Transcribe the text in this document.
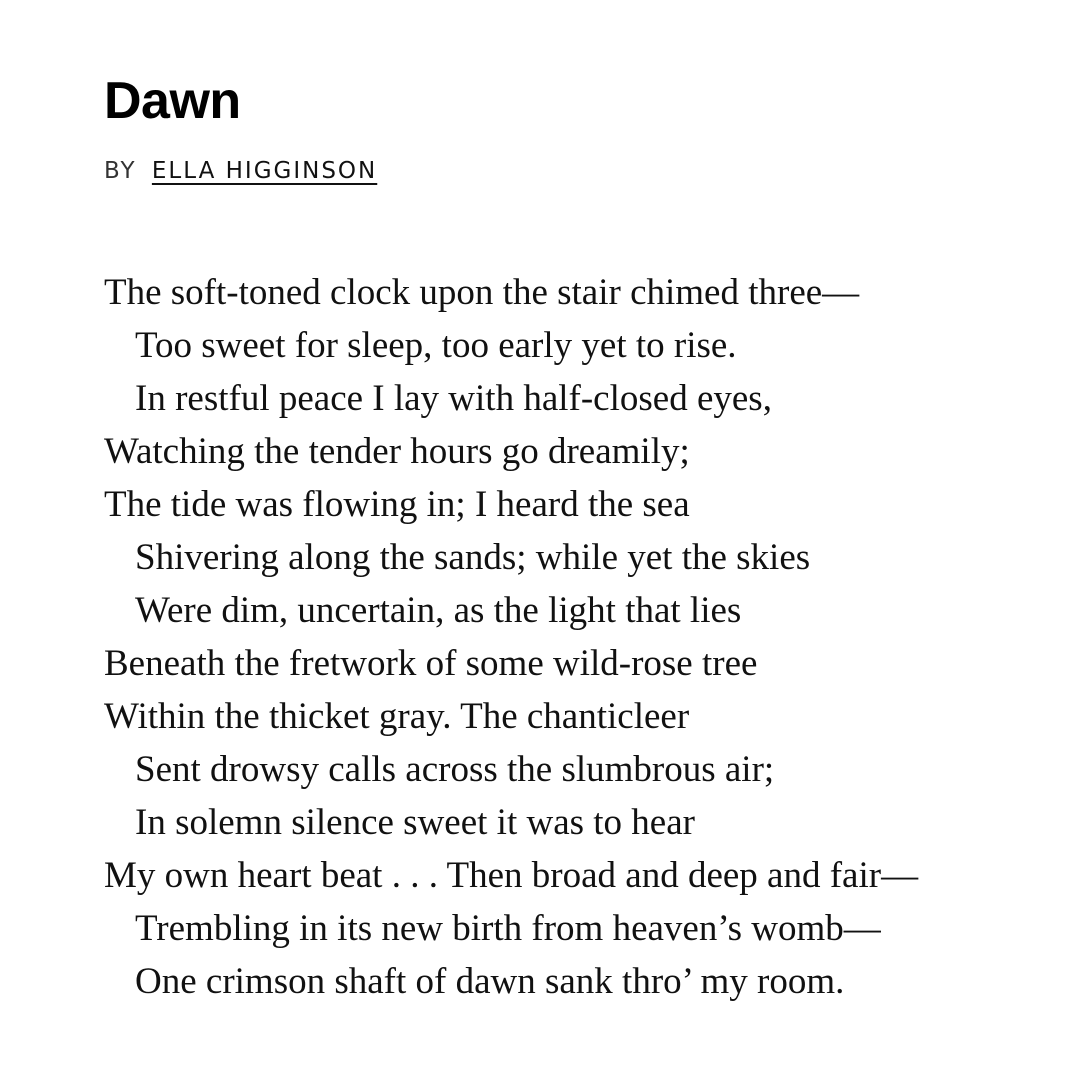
Dawn
BY ELLA HIGGINSON
The soft-toned clock upon the stair chimed three—
Too sweet for sleep, too early yet to rise.
In restful peace I lay with half-closed eyes,
Watching the tender hours go dreamily;
The tide was flowing in; I heard the sea
Shivering along the sands; while yet the skies
Were dim, uncertain, as the light that lies
Beneath the fretwork of some wild-rose tree
Within the thicket gray. The chanticleer
Sent drowsy calls across the slumbrous air;
In solemn silence sweet it was to hear
My own heart beat . . . Then broad and deep and fair—
Trembling in its new birth from heaven’s womb—
One crimson shaft of dawn sank thro’ my room.
